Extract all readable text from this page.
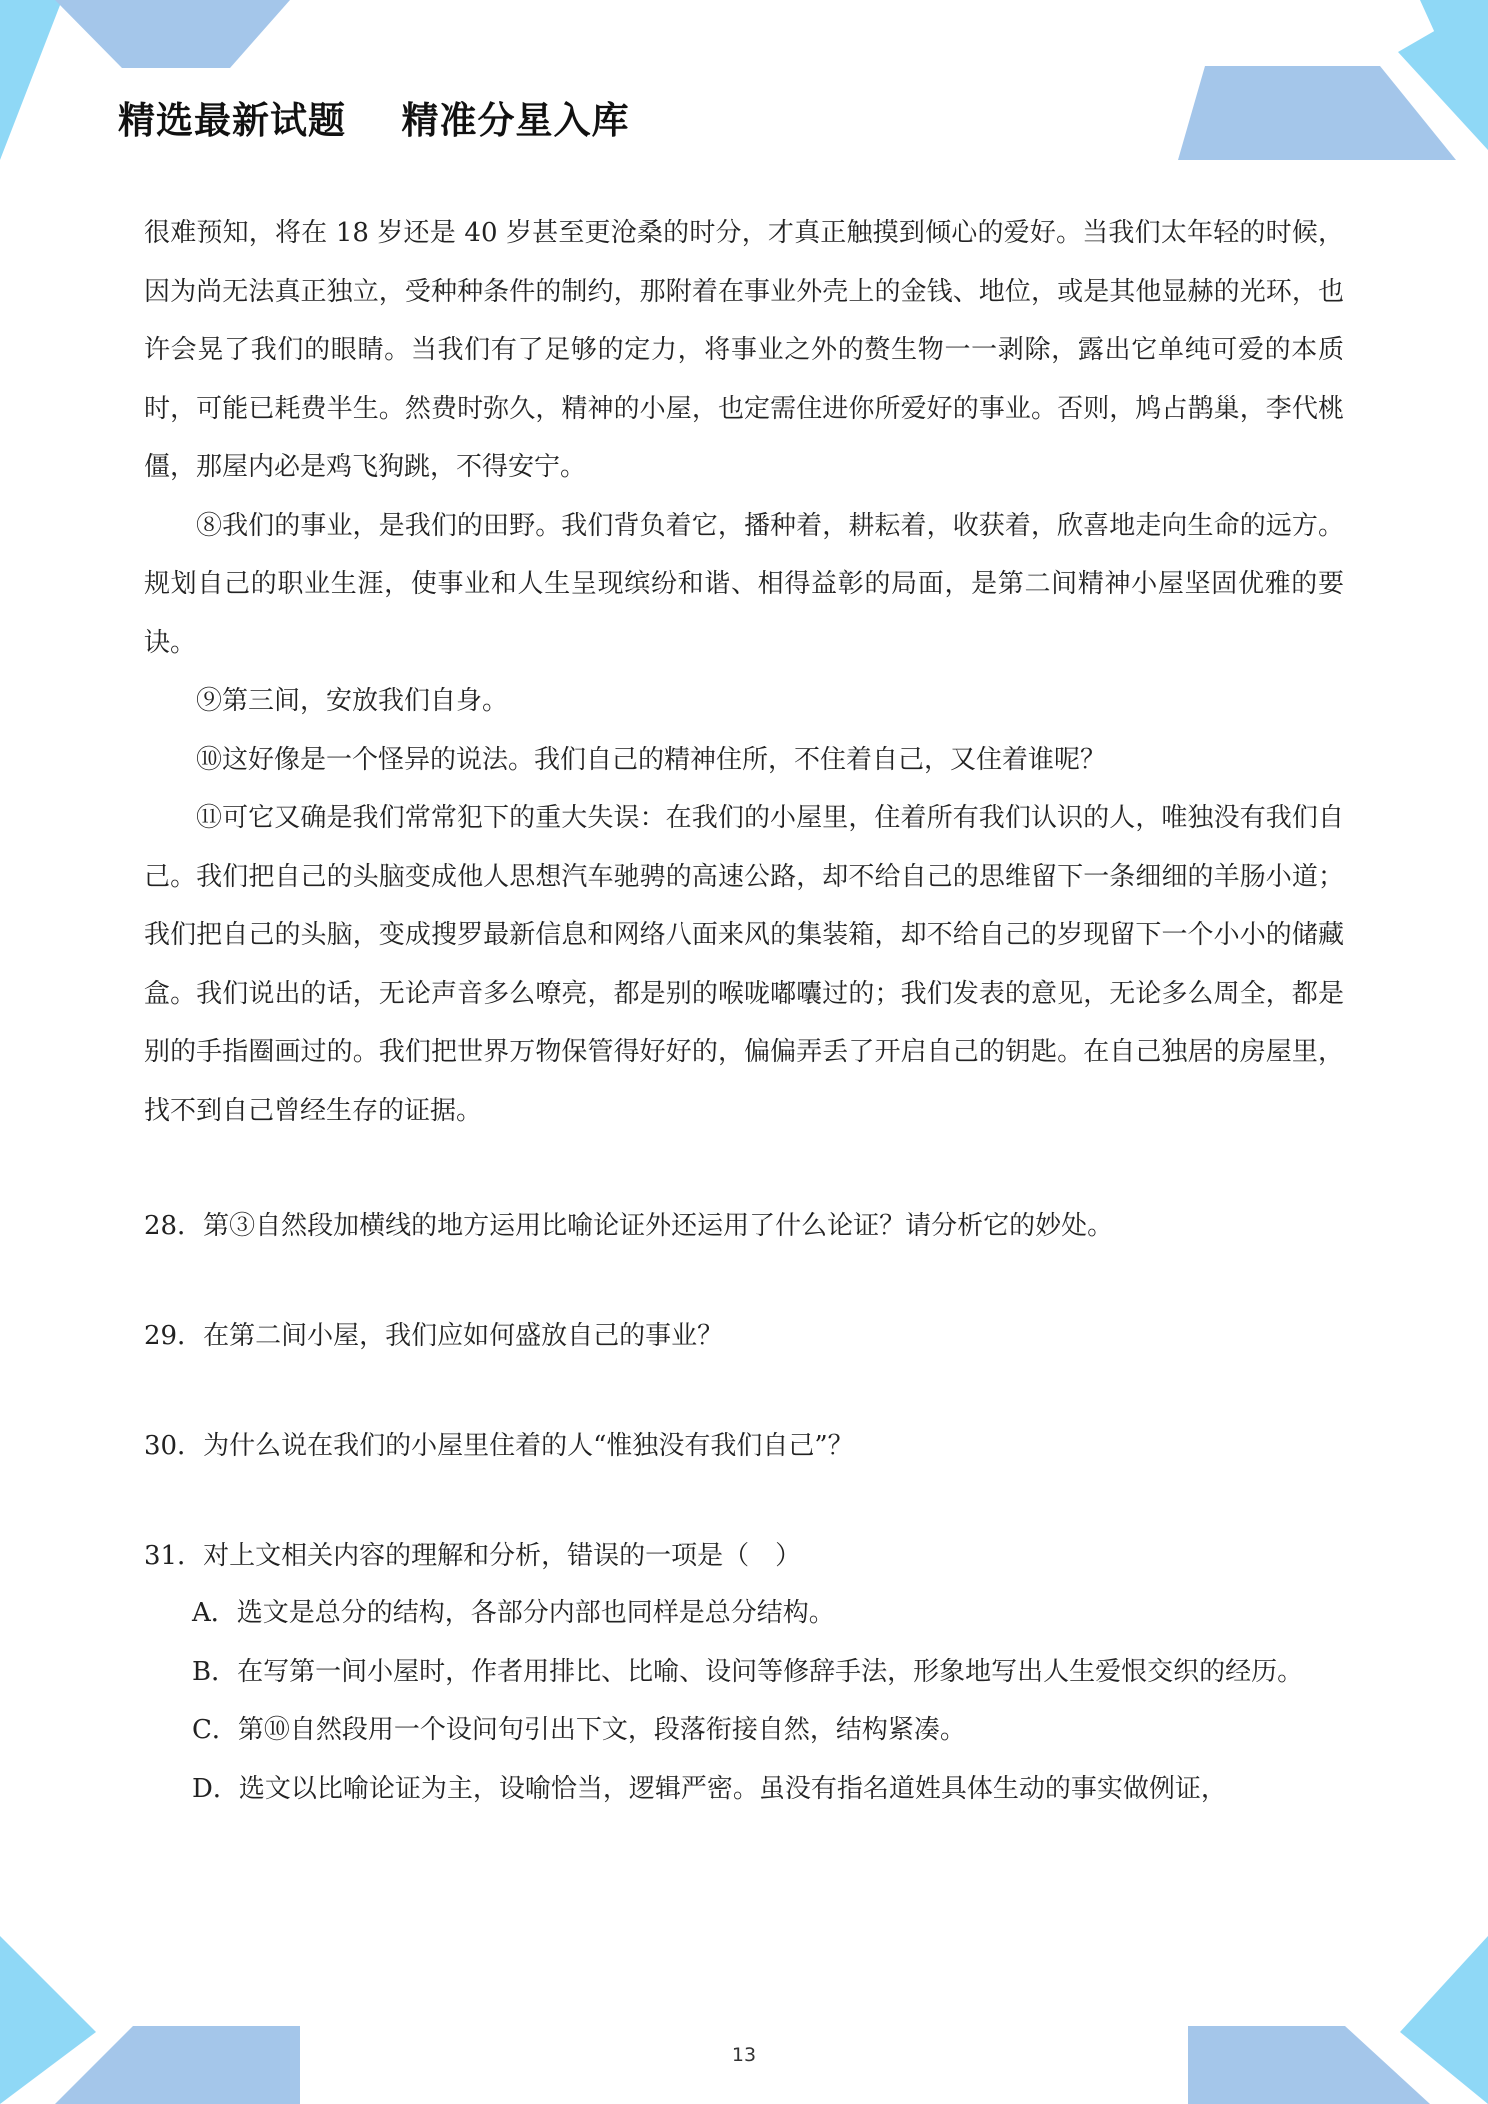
精选最新试题    精准分星入库

很难预知，将在 18 岁还是 40 岁甚至更沧桑的时分，才真正触摸到倾心的爱好。当我们太年轻的时候，因为尚无法真正独立，受种种条件的制约，那附着在事业外壳上的金钱、地位，或是其他显赫的光环，也许会晃了我们的眼睛。当我们有了足够的定力，将事业之外的赘生物一一剥除，露出它单纯可爱的本质时，可能已耗费半生。然费时弥久，精神的小屋，也定需住进你所爱好的事业。否则，鸠占鹊巢，李代桃僵，那屋内必是鸡飞狗跳，不得安宁。

⑧我们的事业，是我们的田野。我们背负着它，播种着，耕耘着，收获着，欣喜地走向生命的远方。规划自己的职业生涯，使事业和人生呈现缤纷和谐、相得益彰的局面，是第二间精神小屋坚固优雅的要诀。

⑨第三间，安放我们自身。

⑩这好像是一个怪异的说法。我们自己的精神住所，不住着自己，又住着谁呢？

⑪可它又确是我们常常犯下的重大失误：在我们的小屋里，住着所有我们认识的人，唯独没有我们自己。我们把自己的头脑变成他人思想汽车驰骋的高速公路，却不给自己的思维留下一条细细的羊肠小道；我们把自己的头脑，变成搜罗最新信息和网络八面来风的集装箱，却不给自己的岁现留下一个小小的储藏盒。我们说出的话，无论声音多么嘹亮，都是别的喉咙嘟囔过的；我们发表的意见，无论多么周全，都是别的手指圈画过的。我们把世界万物保管得好好的，偏偏弄丢了开启自己的钥匙。在自己独居的房屋里，找不到自己曾经生存的证据。

28．第③自然段加横线的地方运用比喻论证外还运用了什么论证？请分析它的妙处。
29．在第二间小屋，我们应如何盛放自己的事业？
30．为什么说在我们的小屋里住着的人“惟独没有我们自己”？
31．对上文相关内容的理解和分析，错误的一项是（　）
A．选文是总分的结构，各部分内部也同样是总分结构。
B．在写第一间小屋时，作者用排比、比喻、设问等修辞手法，形象地写出人生爱恨交织的经历。
C．第⑩自然段用一个设问句引出下文，段落衔接自然，结构紧凑。
D．选文以比喻论证为主，设喻恰当，逻辑严密。虽没有指名道姓具体生动的事实做例证，
13
